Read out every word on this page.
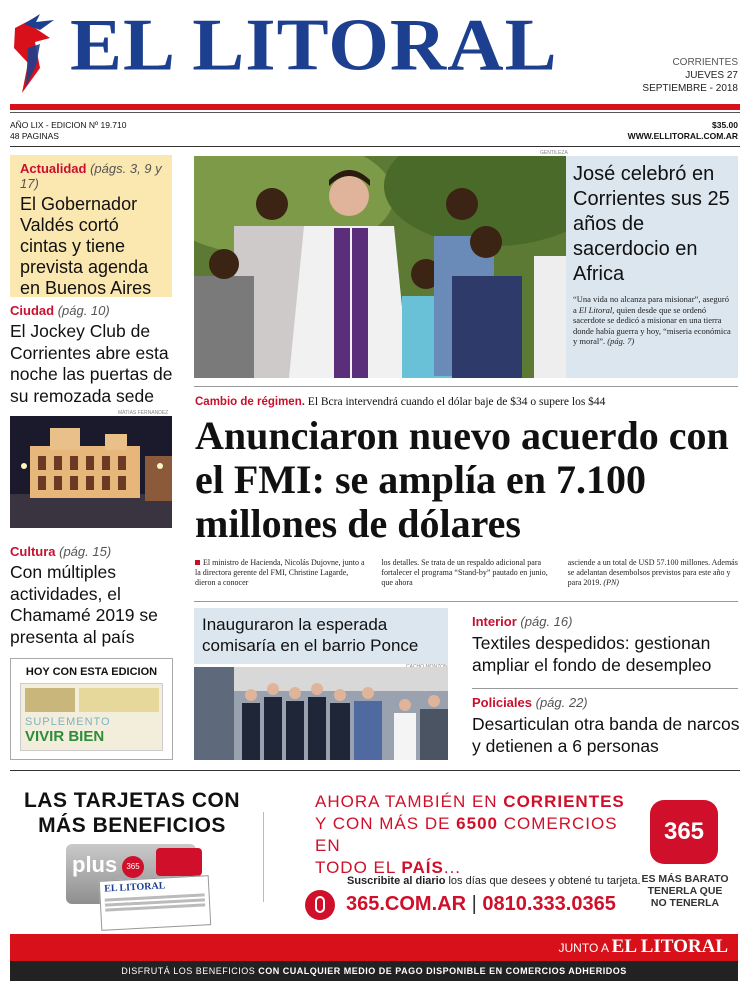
EL LITORAL	CORRIENTES
JUEVES 27
SEPTIEMBRE - 2018
AÑO LIX - EDICION Nº 19.710
48 PAGINAS
$35.00
WWW.ELLITORAL.COM.AR
Actualidad (págs. 3, 9 y 17)
El Gobernador Valdés cortó cintas y tiene prevista agenda en Buenos Aires
Ciudad (pág. 10)
El Jockey Club de Corrientes abre esta noche las puertas de su remozada sede
MATIAS FERNANDEZ
Cultura (pág. 15)
Con múltiples actividades, el Chamamé 2019 se presenta al país
HOY CON ESTA EDICION
SUPLEMENTO
VIVIR BIEN
GENTILEZA
José celebró en Corrientes sus 25 años de sacerdocio en Africa
“Una vida no alcanza para misionar”, aseguró a El Litoral, quien desde que se ordenó sacerdote se dedicó a misionar en una tierra donde había guerra y hoy, “miseria económica y moral”. (pág. 7)
Cambio de régimen. El Bcra intervendrá cuando el dólar baje de $34 o supere los $44
Anunciaron nuevo acuerdo con el FMI: se amplía en 7.100 millones de dólares
El ministro de Hacienda, Nicolás Dujovne, junto a la directora gerente del FMI, Christine Lagarde, dieron a conocer
los detalles. Se trata de un respaldo adicional para fortalecer el programa “Stand-by” pautado en junio, que ahora
asciende a un total de USD 57.100 millones. Además se adelantan desembolsos previstos para este año y para 2019. (PN)
Inauguraron la esperada comisaría en el barrio Ponce
Interior (pág. 16)
Textiles despedidos: gestionan ampliar el fondo de desempleo
Policiales (pág. 22)
Desarticulan otra banda de narcos y detienen a 6 personas
LAS TARJETAS CON
MÁS BENEFICIOS
plus	365
EL LITORAL
AHORA TAMBIÉN EN CORRIENTES
Y CON MÁS DE 6500 COMERCIOS EN
TODO EL PAÍS...
Suscribite al diario los días que desees y obtené tu tarjeta.
365.COM.AR | 0810.333.0365
365
ES MÁS BARATO
TENERLA QUE
NO TENERLA
JUNTO A EL LITORAL
DISFRUTÁ LOS BENEFICIOS CON CUALQUIER MEDIO DE PAGO DISPONIBLE EN COMERCIOS ADHERIDOS
